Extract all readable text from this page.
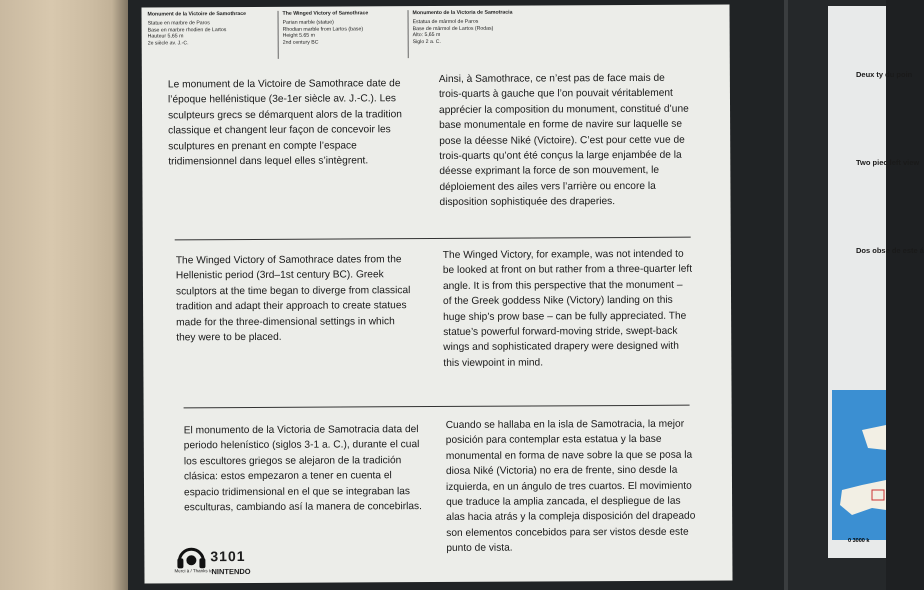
Monument de la Victoire de Samothrace
Statue en marbre de Paros
Base en marbre rhodien de Lartos
Hauteur 5,65 m
2e siècle av. J.-C.
The Winged Victory of Samothrace
Parian marble (statue)
Rhodian marble from Lartos (base)
Height 5.65 m
2nd century BC
Monumento de la Victoria de Samotracia
Estatua de mármol de Paros
Base de mármol de Lartos (Rodas)
Alto: 5,65 m
Siglo 2 a. C.
Le monument de la Victoire de Samothrace date de l’époque hellénistique (3e-1er siècle av. J.-C.). Les sculpteurs grecs se démarquent alors de la tradition classique et changent leur façon de concevoir les sculptures en prenant en compte l’espace tridimensionnel dans lequel elles s’intègrent.
Ainsi, à Samothrace, ce n’est pas de face mais de trois-quarts à gauche que l’on pouvait véritablement apprécier la composition du monument, constitué d’une base monumentale en forme de navire sur laquelle se pose la déesse Niké (Victoire). C’est pour cette vue de trois-quarts qu’ont été conçus la large enjambée de la déesse exprimant la force de son mouvement, le déploiement des ailes vers l’arrière ou encore la disposition sophistiquée des draperies.
The Winged Victory of Samothrace dates from the Hellenistic period (3rd–1st century BC). Greek sculptors at the time began to diverge from classical tradition and adapt their approach to create statues made for the three-dimensional settings in which they were to be placed.
The Winged Victory, for example, was not intended to be looked at front on but rather from a three-quarter left angle. It is from this perspective that the monument – of the Greek goddess Nike (Victory) landing on this huge ship’s prow base – can be fully appreciated. The statue’s powerful forward-moving stride, swept-back wings and sophisticated drapery were designed with this viewpoint in mind.
El monumento de la Victoria de Samotracia data del periodo helenístico (siglos 3-1 a. C.), durante el cual los escultores griegos se alejaron de la tradición clásica: estos empezaron a tener en cuenta el espacio tridimensional en el que se integraban las esculturas, cambiando así la manera de concebirlas.
Cuando se hallaba en la isla de Samotracia, la mejor posición para contemplar esta estatua y la base monumental en forma de nave sobre la que se posa la diosa Niké (Victoria) no era de frente, sino desde la izquierda, en un ángulo de tres cuartos. El movimiento que traduce la amplia zancada, el despliegue de las alas hacia atrás y la compleja disposición del drapeado son elementos concebidos para ser vistos desde este punto de vista.
3101
Merci à / Thanks to
NINTENDO
Deux ty du poin
Two piec left view
Dos obse de este á
0 3000 k
